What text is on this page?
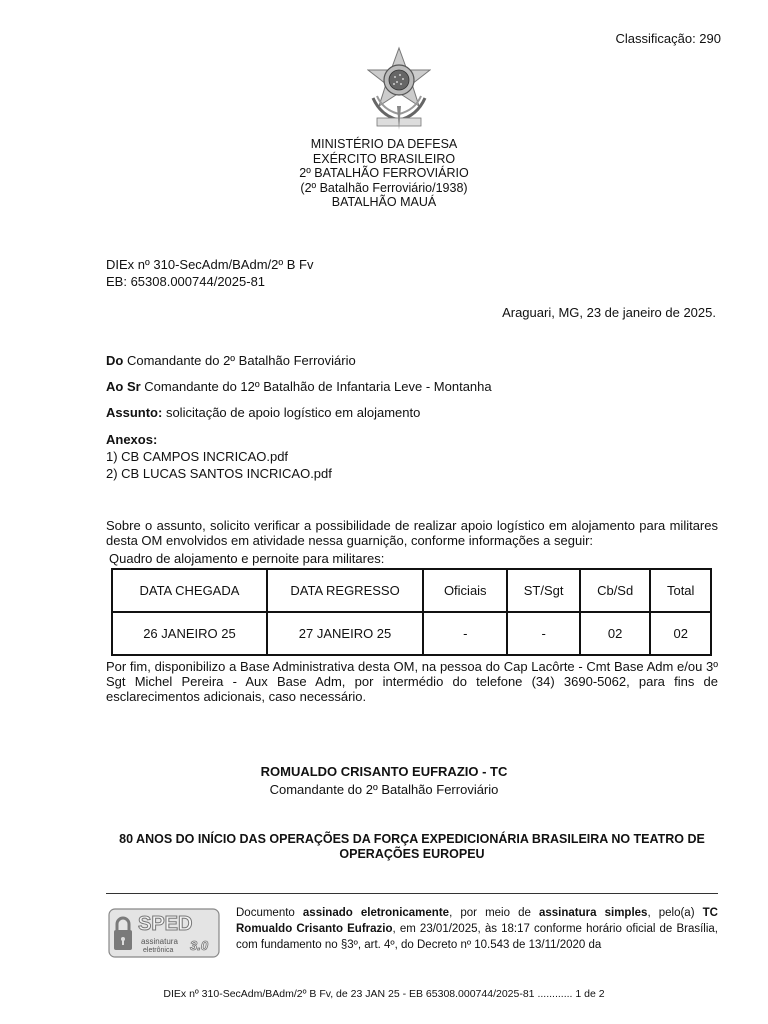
Classificação: 290
MINISTÉRIO DA DEFESA
EXÉRCITO BRASILEIRO
2º BATALHÃO FERROVIÁRIO
(2º Batalhão Ferroviário/1938)
BATALHÃO MAUÁ
DIEx nº 310-SecAdm/BAdm/2º B Fv
EB: 65308.000744/2025-81
Araguari, MG, 23 de janeiro de 2025.
Do Comandante do 2º Batalhão Ferroviário
Ao Sr Comandante do 12º Batalhão de Infantaria Leve - Montanha
Assunto: solicitação de apoio logístico em alojamento
Anexos:
1) CB CAMPOS INCRICAO.pdf
2) CB LUCAS SANTOS INCRICAO.pdf
Sobre o assunto, solicito verificar a possibilidade de realizar apoio logístico em alojamento para militares desta OM envolvidos em atividade nessa guarnição, conforme informações a seguir:
Quadro de alojamento e pernoite para militares:
DATA CHEGADA	DATA REGRESSO	Oficiais	ST/Sgt	Cb/Sd	Total
26 JANEIRO 25	27 JANEIRO 25	-	-	02	02
Por fim, disponibilizo a Base Administrativa desta OM, na pessoa do Cap Lacôrte - Cmt Base Adm e/ou 3º Sgt Michel Pereira - Aux Base Adm, por intermédio do telefone (34) 3690-5062, para fins de esclarecimentos adicionais, caso necessário.
ROMUALDO CRISANTO EUFRAZIO - TC
Comandante do 2º Batalhão Ferroviário
80 ANOS DO INÍCIO DAS OPERAÇÕES DA FORÇA EXPEDICIONÁRIA BRASILEIRA NO TEATRO DE OPERAÇÕES EUROPEU
SPED
assinatura
eletrônica 3.0
Documento assinado eletronicamente, por meio de assinatura simples, pelo(a) TC Romualdo Crisanto Eufrazio, em 23/01/2025, às 18:17 conforme horário oficial de Brasília, com fundamento no §3º, art. 4º, do Decreto nº 10.543 de 13/11/2020 da
DIEx nº 310-SecAdm/BAdm/2º B Fv, de 23 JAN 25 - EB 65308.000744/2025-81 ............ 1 de 2
